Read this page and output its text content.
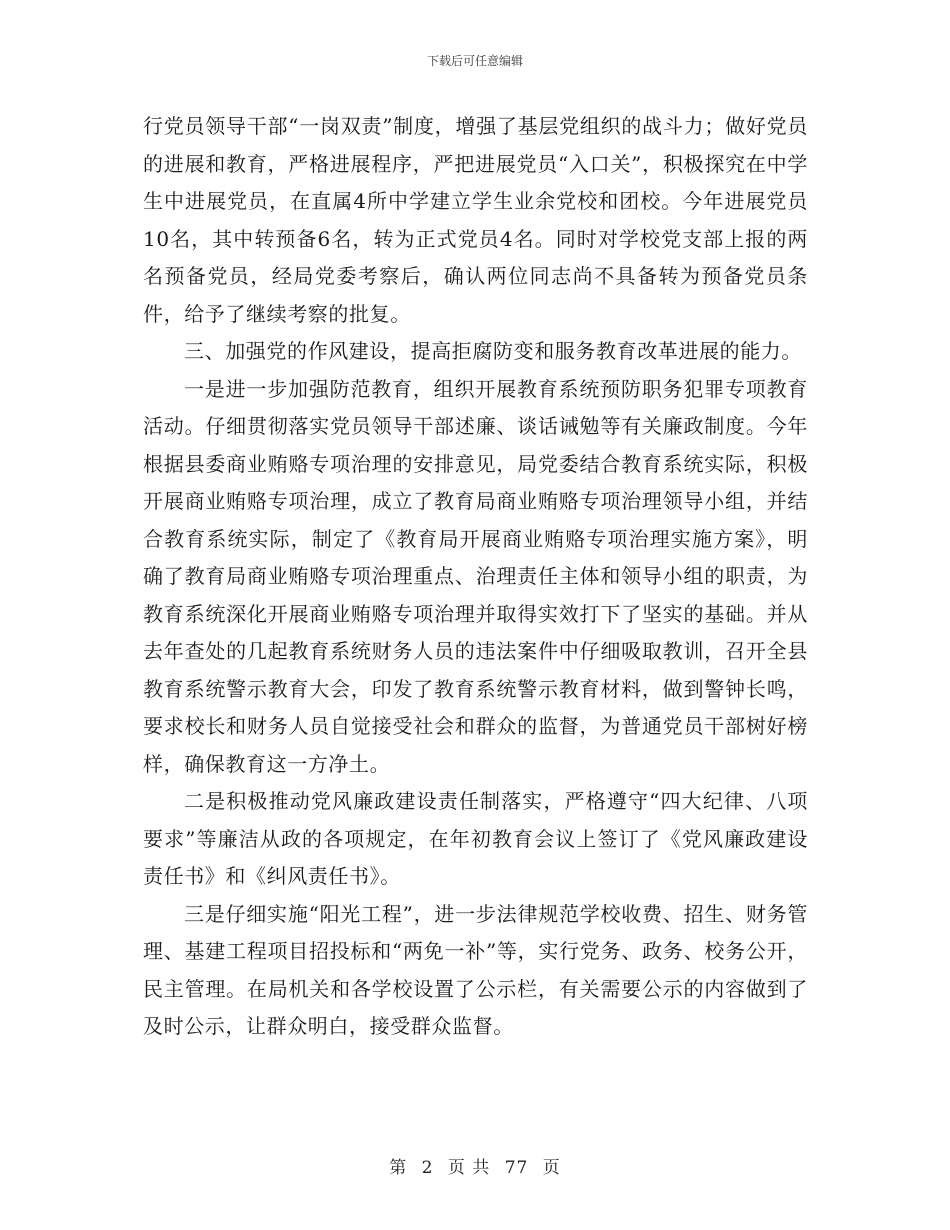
下载后可任意编辑

行党员领导干部“一岗双责”制度，增强了基层党组织的战斗力；做好党员的进展和教育，严格进展程序，严把进展党员“入口关”，积极探究在中学生中进展党员，在直属4所中学建立学生业余党校和团校。今年进展党员10名，其中转预备6名，转为正式党员4名。同时对学校党支部上报的两名预备党员，经局党委考察后，确认两位同志尚不具备转为预备党员条件，给予了继续考察的批复。

三、加强党的作风建设，提高拒腐防变和服务教育改革进展的能力。

一是进一步加强防范教育，组织开展教育系统预防职务犯罪专项教育活动。仔细贯彻落实党员领导干部述廉、谈话诫勉等有关廉政制度。今年根据县委商业贿赂专项治理的安排意见，局党委结合教育系统实际，积极开展商业贿赂专项治理，成立了教育局商业贿赂专项治理领导小组，并结合教育系统实际，制定了《教育局开展商业贿赂专项治理实施方案》，明确了教育局商业贿赂专项治理重点、治理责任主体和领导小组的职责，为教育系统深化开展商业贿赂专项治理并取得实效打下了坚实的基础。并从去年查处的几起教育系统财务人员的违法案件中仔细吸取教训，召开全县教育系统警示教育大会，印发了教育系统警示教育材料，做到警钟长鸣，要求校长和财务人员自觉接受社会和群众的监督，为普通党员干部树好榜样，确保教育这一方净土。

二是积极推动党风廉政建设责任制落实，严格遵守“四大纪律、八项要求”等廉洁从政的各项规定，在年初教育会议上签订了《党风廉政建设责任书》和《纠风责任书》。

三是仔细实施“阳光工程”，进一步法律规范学校收费、招生、财务管理、基建工程项目招投标和“两免一补”等，实行党务、政务、校务公开，民主管理。在局机关和各学校设置了公示栏，有关需要公示的内容做到了及时公示，让群众明白，接受群众监督。

第 2 页 共 77 页
